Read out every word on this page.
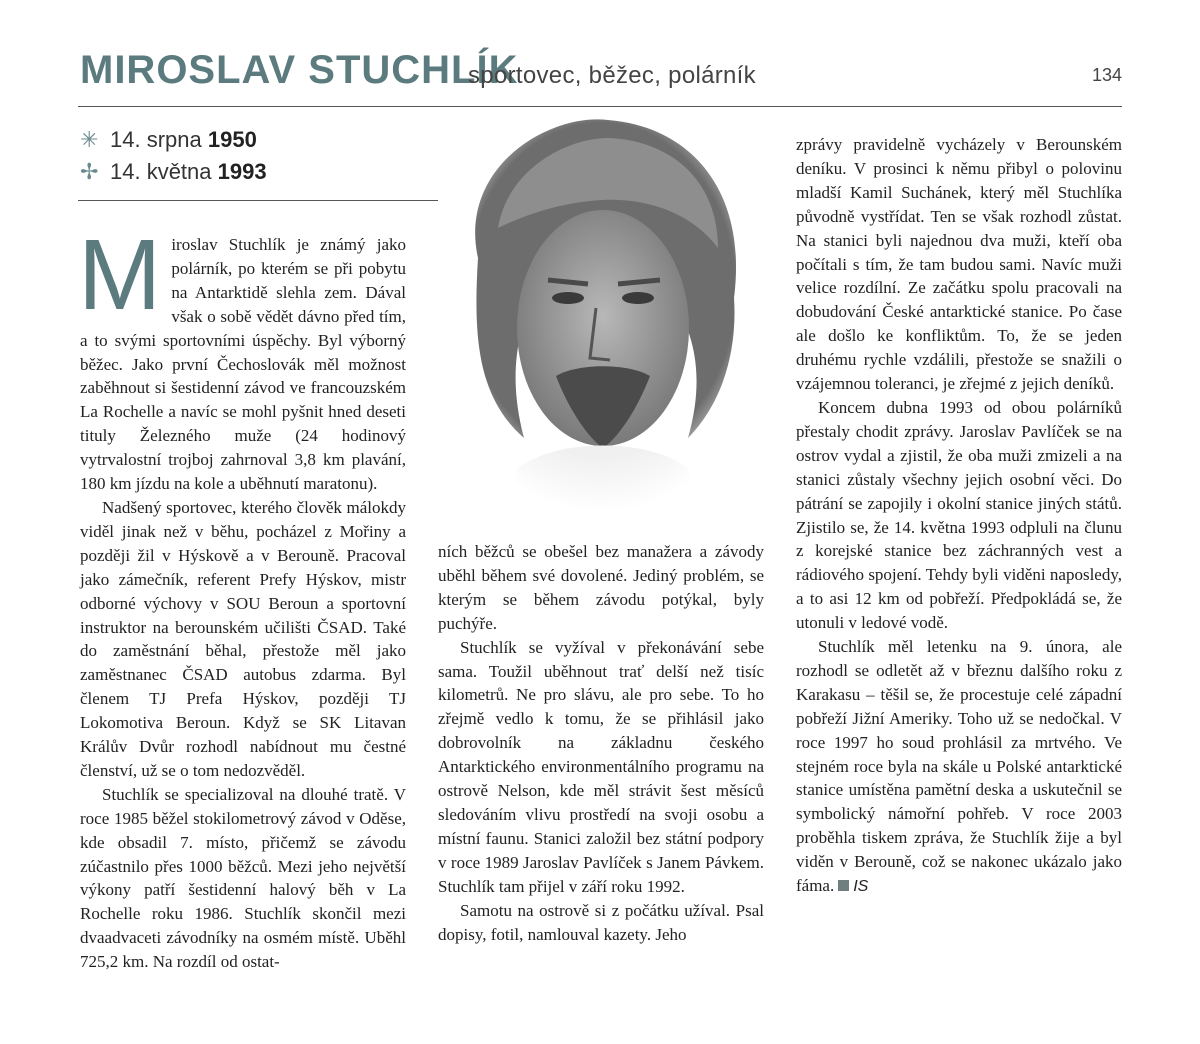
MIROSLAV STUCHLÍK
sportovec, běžec, polárník	134
✳ 14. srpna
1950
✢ 14. května
1993

Miroslav Stuchlík je známý jako polárník, po kterém se při pobytu na Antarktidě slehla zem. Dával však o sobě vědět dávno před tím, a to svými sportovními úspěchy. Byl výborný běžec. Jako první Čechoslovák měl možnost zaběhnout si šestidenní závod ve francouzském La Rochelle a navíc se mohl pyšnit hned deseti tituly Železného muže (24 hodinový vytrvalostní trojboj zahrnoval 3,8 km plavání, 180 km jízdu na kole a uběhnutí maratonu).

Nadšený sportovec, kterého člověk málokdy viděl jinak než v běhu, pocházel z Mořiny a později žil v Hýskově a v Berouně. Pracoval jako zámečník, referent Prefy Hýskov, mistr odborné výchovy v SOU Beroun a sportovní instruktor na berounském učilišti ČSAD. Také do zaměstnání běhal, přestože měl jako zaměstnanec ČSAD autobus zdarma. Byl členem TJ Prefa Hýskov, později TJ Lokomotiva Beroun. Když se SK Litavan Králův Dvůr rozhodl nabídnout mu čestné členství, už se o tom nedozvěděl.

Stuchlík se specializoval na dlouhé tratě. V roce 1985 běžel stokilometrový závod v Oděse, kde obsadil 7. místo, přičemž se závodu zúčastnilo přes 1000 běžců. Mezi jeho největší výkony patří šestidenní halový běh v La Rochelle roku 1986. Stuchlík skončil mezi dvaadvaceti závodníky na osmém místě. Uběhl 725,2 km. Na rozdíl od ostat-

ních běžců se obešel bez manažera a závody uběhl během své dovolené. Jediný problém, se kterým se během závodu potýkal, byly puchýře.

Stuchlík se vyžíval v překonávání sebe sama. Toužil uběhnout trať delší než tisíc kilometrů. Ne pro slávu, ale pro sebe. To ho zřejmě vedlo k tomu, že se přihlásil jako dobrovolník na základnu českého Antarktického environmentálního programu na ostrově Nelson, kde měl strávit šest měsíců sledováním vlivu prostředí na svoji osobu a místní faunu. Stanici založil bez státní podpory v roce 1989 Jaroslav Pavlíček s Janem Pávkem. Stuchlík tam přijel v září roku 1992.

Samotu na ostrově si z počátku užíval. Psal dopisy, fotil, namlouval kazety. Jeho

zprávy pravidelně vycházely v Berounském deníku. V prosinci k němu přibyl o polovinu mladší Kamil Suchánek, který měl Stuchlíka původně vystřídat. Ten se však rozhodl zůstat. Na stanici byli najednou dva muži, kteří oba počítali s tím, že tam budou sami. Navíc muži velice rozdílní. Ze začátku spolu pracovali na dobudování České antarktické stanice. Po čase ale došlo ke konfliktům. To, že se jeden druhému rychle vzdálili, přestože se snažili o vzájemnou toleranci, je zřejmé z jejich deníků.

Koncem dubna 1993 od obou polárníků přestaly chodit zprávy. Jaroslav Pavlíček se na ostrov vydal a zjistil, že oba muži zmizeli a na stanici zůstaly všechny jejich osobní věci. Do pátrání se zapojily i okolní stanice jiných států. Zjistilo se, že 14. května 1993 odpluli na člunu z korejské stanice bez záchranných vest a rádiového spojení. Tehdy byli viděni naposledy, a to asi 12 km od pobřeží. Předpokládá se, že utonuli v ledové vodě.

Stuchlík měl letenku na 9. února, ale rozhodl se odletět až v březnu dalšího roku z Karakasu – těšil se, že procestuje celé západní pobřeží Jižní Ameriky. Toho už se nedočkal. V roce 1997 ho soud prohlásil za mrtvého. Ve stejném roce byla na skále u Polské antarktické stanice umístěna pamětní deska a uskutečnil se symbolický námořní pohřeb. V roce 2003 proběhla tiskem zpráva, že Stuchlík žije a byl viděn v Berouně, což se nakonec ukázalo jako fáma. IS
